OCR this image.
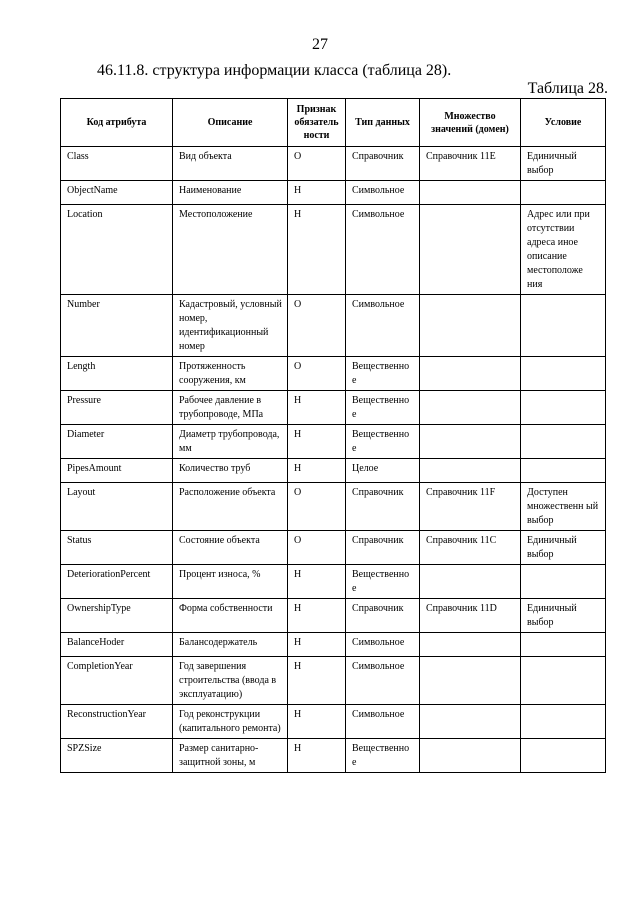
27
46.11.8. структура информации класса (таблица 28).
Таблица 28.
Код атрибута	Описание	Признак обязатель ности	Тип данных	Множество значений (домен)	Условие
Class	Вид объекта	О	Справочник	Справочник 11Е	Единичный выбор
ObjectName	Наименование	Н	Символьное		
Location	Местоположение	Н	Символьное		Адрес или при отсутствии адреса иное описание местоположе ния
Number	Кадастровый, условный номер, идентификационный номер	О	Символьное		
Length	Протяженность сооружения, км	О	Вещественно е		
Pressure	Рабочее давление в трубопроводе, МПа	Н	Вещественно е		
Diameter	Диаметр трубопровода, мм	Н	Вещественно е		
PipesAmount	Количество труб	Н	Целое		
Layout	Расположение объекта	О	Справочник	Справочник 11F	Доступен множественн ый выбор
Status	Состояние объекта	О	Справочник	Справочник 11С	Единичный выбор
DeteriorationPercent	Процент износа, %	Н	Вещественно е		
OwnershipType	Форма собственности	Н	Справочник	Справочник 11D	Единичный выбор
BalanceHoder	Балансодержатель	Н	Символьное		
CompletionYear	Год завершения строительства (ввода в эксплуатацию)	Н	Символьное		
ReconstructionYear	Год реконструкции (капитального ремонта)	Н	Символьное		
SPZSize	Размер санитарно-защитной зоны, м	Н	Вещественно е		
